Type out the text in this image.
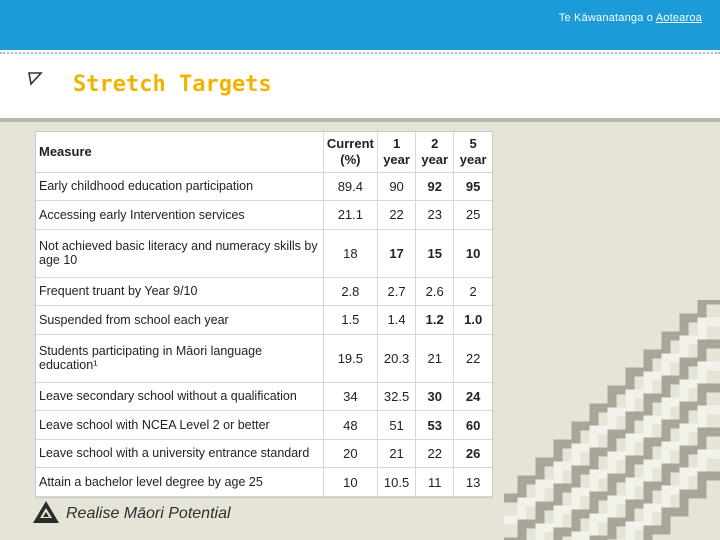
Te Kāwanatanga o Aotearoa
Stretch Targets
Measure	Current (%)	1 year	2 year	5 year
Early childhood education participation	89.4	90	92	95
Accessing early Intervention services	21.1	22	23	25
Not achieved basic literacy and numeracy skills by age 10	18	17	15	10
Frequent truant by Year 9/10	2.8	2.7	2.6	2
Suspended from school each year	1.5	1.4	1.2	1.0
Students participating in Māori language education¹	19.5	20.3	21	22
Leave secondary school without a qualification	34	32.5	30	24
Leave school with NCEA Level 2 or better	48	51	53	60
Leave school with a university entrance standard	20	21	22	26
Attain a bachelor level degree by age 25	10	10.5	11	13
Realise Māori Potential
